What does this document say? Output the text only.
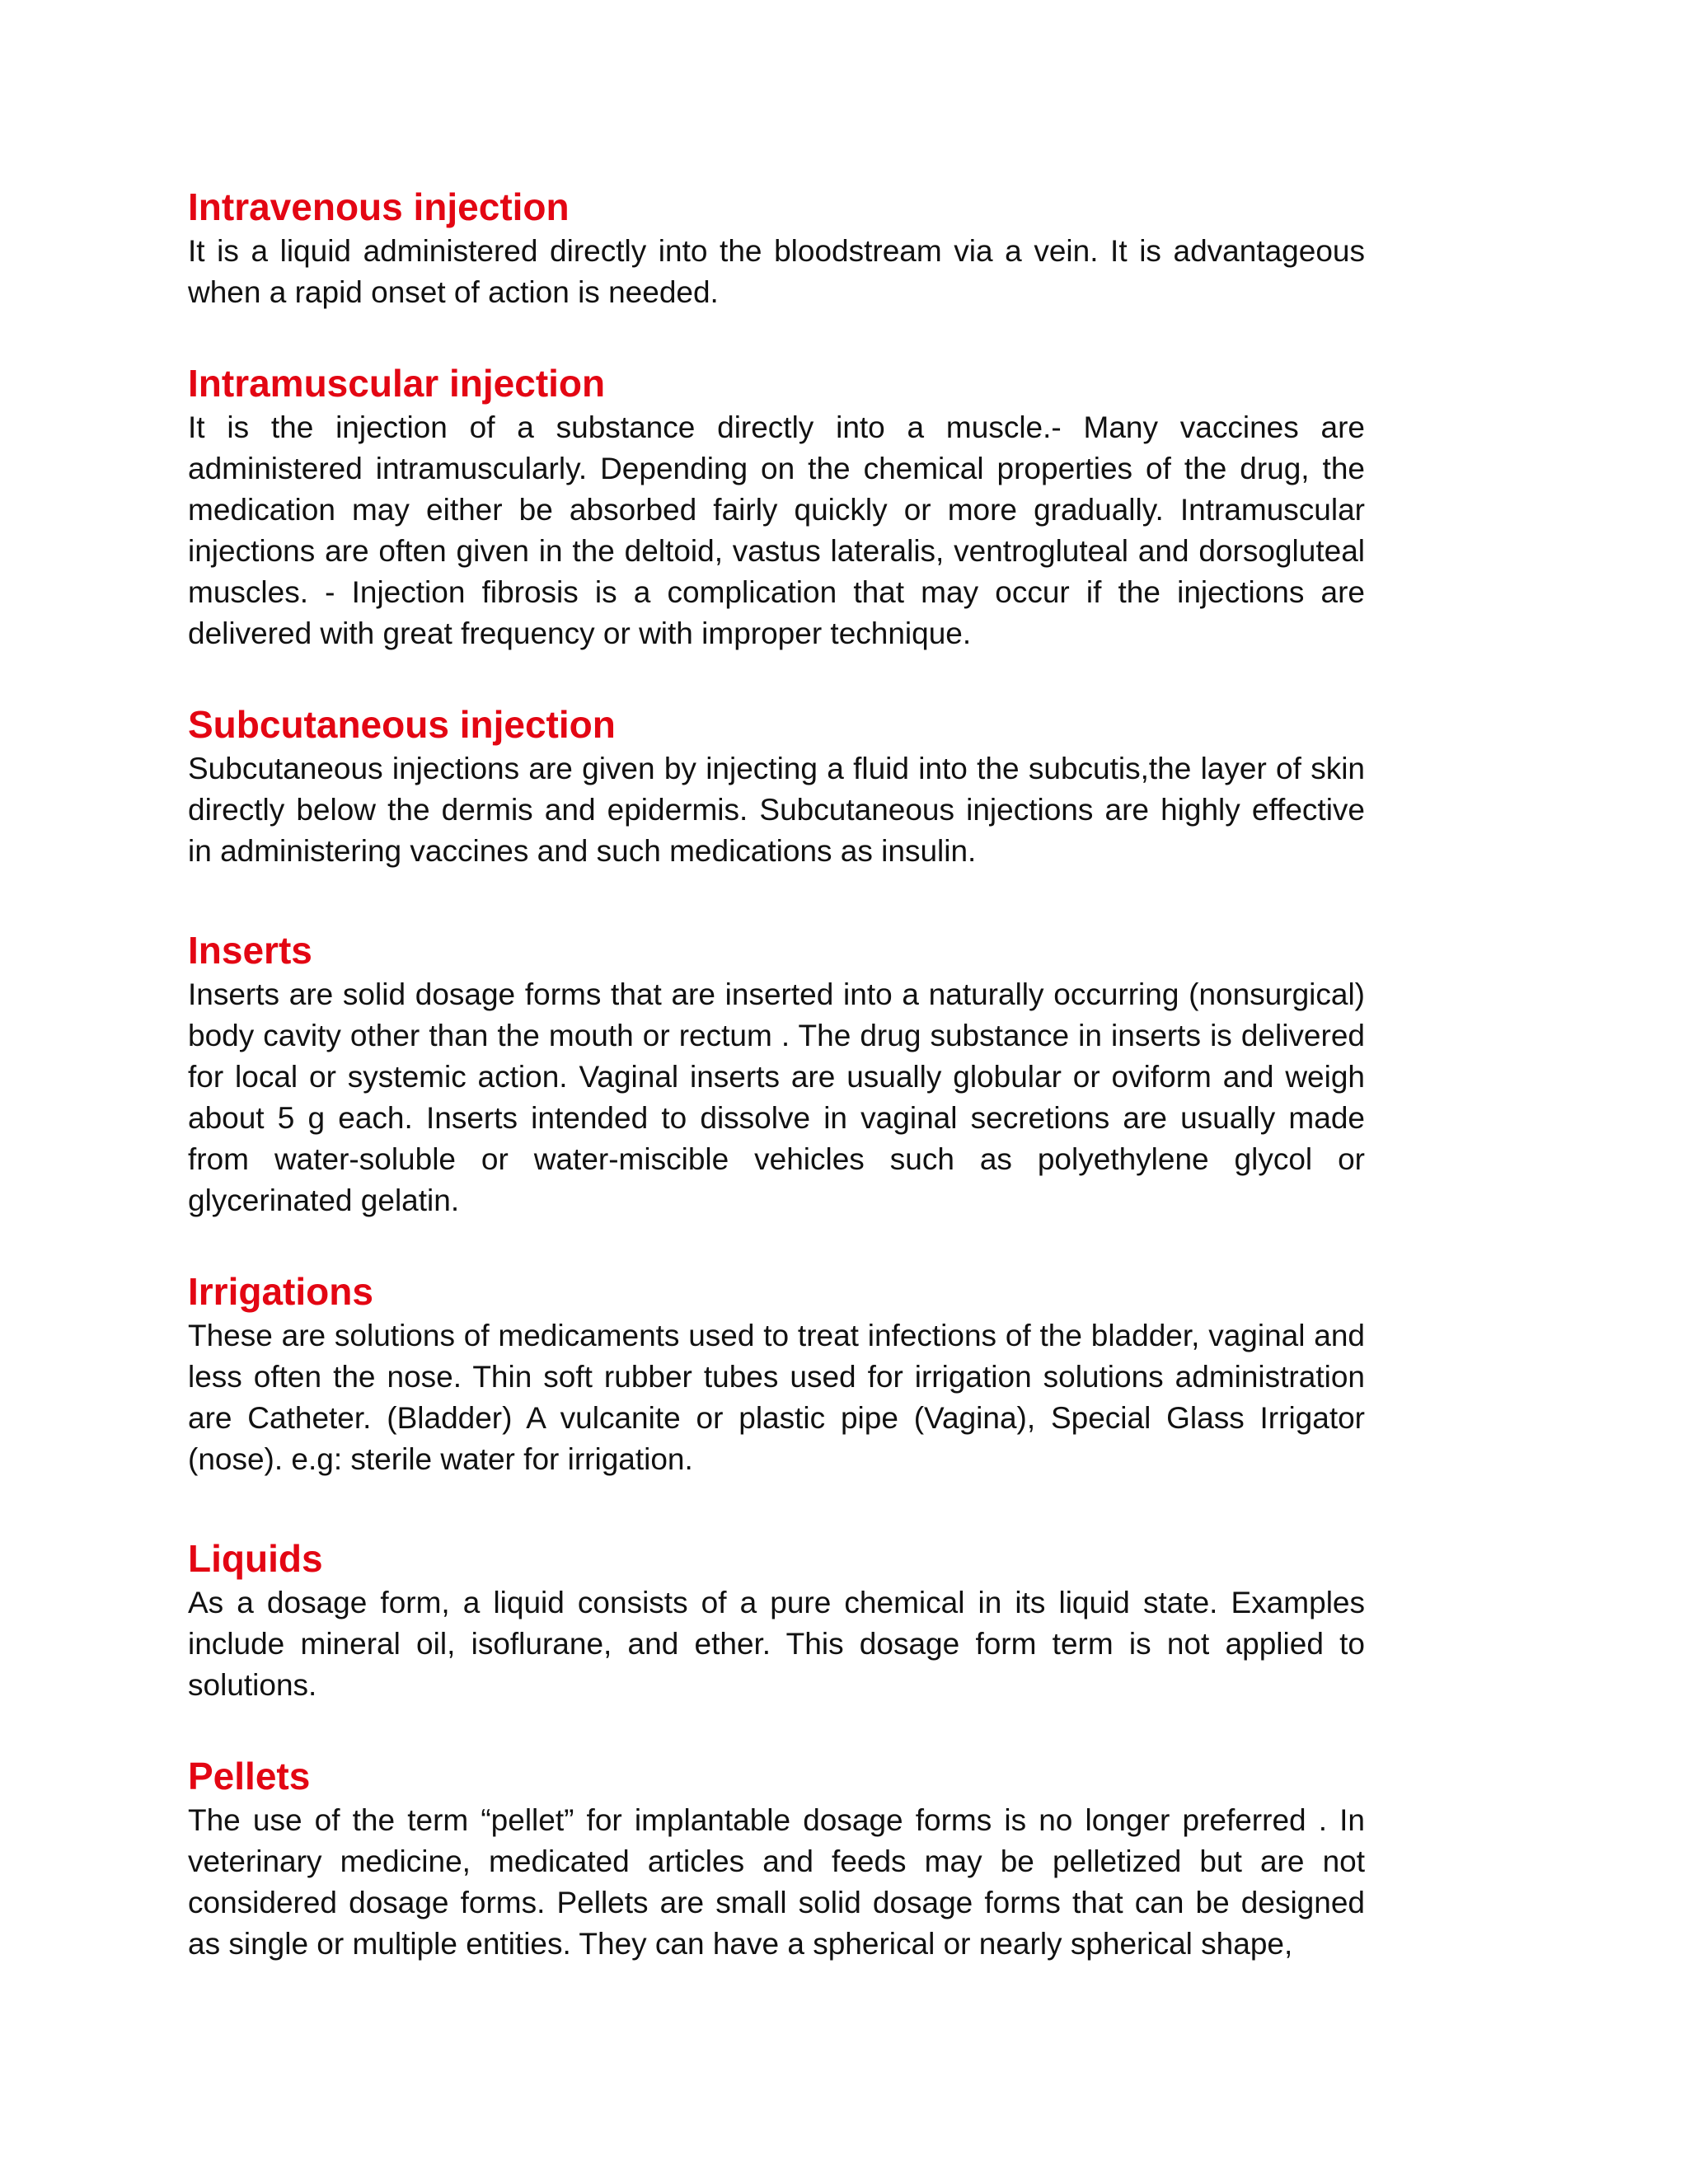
Intravenous injection

It is a liquid administered directly into the bloodstream via a vein. It is advantageous when a rapid onset of action is needed.

Intramuscular injection

It is the injection of a substance directly into a muscle.- Many vaccines are administered intramuscularly. Depending on the chemical properties of the drug, the medication may either be absorbed fairly quickly or more gradually. Intramuscular injections are often given in the deltoid, vastus lateralis, ventrogluteal and dorsogluteal muscles. - Injection fibrosis is a complication that may occur if the injections are delivered with great frequency or with improper technique.

Subcutaneous injection

Subcutaneous injections are given by injecting a fluid into the subcutis,the layer of skin directly below the dermis and epidermis. Subcutaneous injections are highly effective in administering vaccines and such medications as insulin.

Inserts

Inserts are solid dosage forms that are inserted into a naturally occurring (nonsurgical) body cavity other than the mouth or rectum . The drug substance in inserts is delivered for local or systemic action. Vaginal inserts are usually globular or oviform and weigh about 5 g each. Inserts intended to dissolve in vaginal secretions are usually made from water-soluble or water-miscible vehicles such as polyethylene glycol or glycerinated gelatin.

Irrigations

These are solutions of medicaments used to treat infections of the bladder, vaginal and less often the nose. Thin soft rubber tubes used for irrigation solutions administration are Catheter. (Bladder) A vulcanite or plastic pipe (Vagina), Special Glass Irrigator (nose). e.g: sterile water for irrigation.

Liquids

As a dosage form, a liquid consists of a pure chemical in its liquid state. Examples include mineral oil, isoflurane, and ether. This dosage form term is not applied to solutions.

Pellets

The use of the term “pellet” for implantable dosage forms is no longer preferred . In veterinary medicine, medicated articles and feeds may be pelletized but are not considered dosage forms. Pellets are small solid dosage forms that can be designed as single or multiple entities. They can have a spherical or nearly spherical shape,
